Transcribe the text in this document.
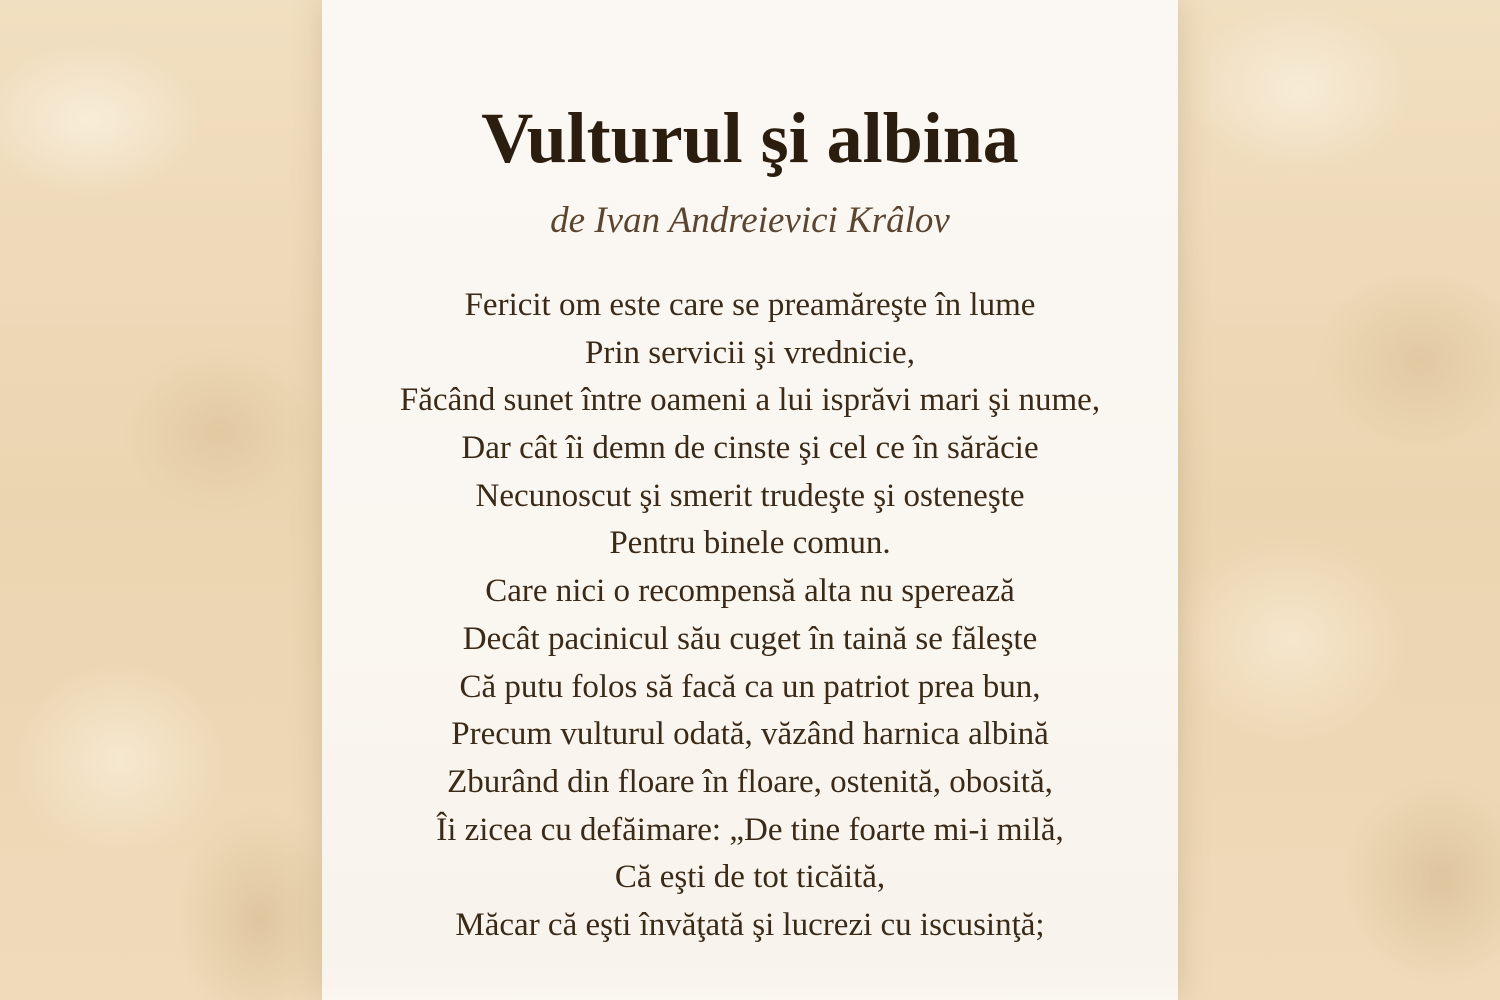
Vulturul şi albina

de Ivan Andreievici Krâlov

Fericit om este care se preamăreşte în lume
Prin servicii şi vrednicie,
Făcând sunet între oameni a lui isprăvi mari şi nume,
Dar cât îi demn de cinste şi cel ce în sărăcie
Necunoscut şi smerit trudeşte şi osteneşte
Pentru binele comun.
Care nici o recompensă alta nu sperează
Decât pacinicul său cuget în taină se făleşte
Că putu folos să facă ca un patriot prea bun,
Precum vulturul odată, văzând harnica albină
Zburând din floare în floare, ostenită, obosită,
Îi zicea cu defăimare: „De tine foarte mi-i milă,
Că eşti de tot ticăită,
Măcar că eşti învăţată şi lucrezi cu iscusinţă;
